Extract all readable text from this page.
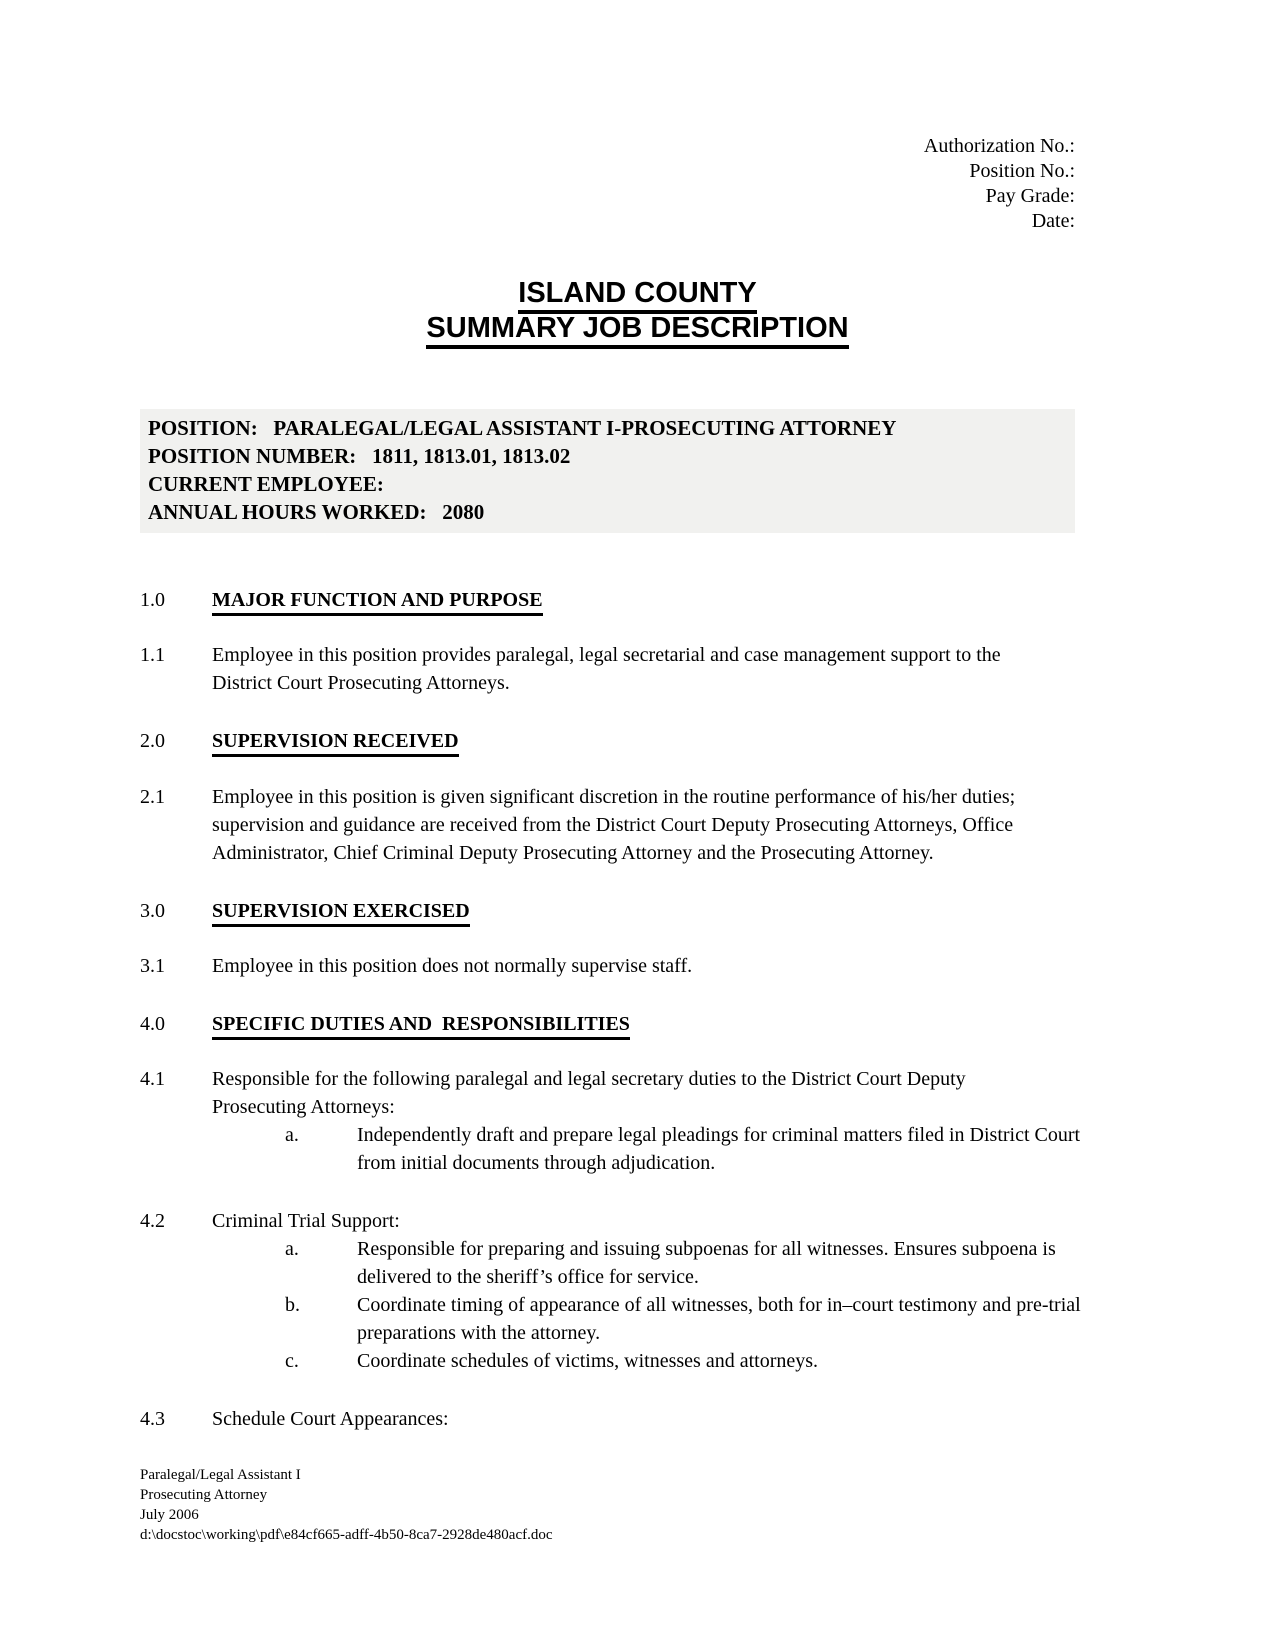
Authorization No.:
Position No.:
Pay Grade:
Date:
ISLAND COUNTY
SUMMARY JOB DESCRIPTION
POSITION:   PARALEGAL/LEGAL ASSISTANT I-PROSECUTING ATTORNEY
POSITION NUMBER:   1811, 1813.01, 1813.02
CURRENT EMPLOYEE:
ANNUAL HOURS WORKED:   2080
1.0	MAJOR FUNCTION AND PURPOSE
1.1	Employee in this position provides paralegal, legal secretarial and case management support to the District Court Prosecuting Attorneys.
2.0	SUPERVISION RECEIVED
2.1	Employee in this position is given significant discretion in the routine performance of his/her duties; supervision and guidance are received from the District Court Deputy Prosecuting Attorneys, Office Administrator, Chief Criminal Deputy Prosecuting Attorney and the Prosecuting Attorney.
3.0	SUPERVISION EXERCISED
3.1	Employee in this position does not normally supervise staff.
4.0	SPECIFIC DUTIES AND  RESPONSIBILITIES
4.1	Responsible for the following paralegal and legal secretary duties to the District Court Deputy Prosecuting Attorneys:
a.	Independently draft and prepare legal pleadings for criminal matters filed in District Court from initial documents through adjudication.
4.2	Criminal Trial Support:
a.	Responsible for preparing and issuing subpoenas for all witnesses. Ensures subpoena is delivered to the sheriff’s office for service.
b.	Coordinate timing of appearance of all witnesses, both for in–court testimony and pre-trial preparations with the attorney.
c.	Coordinate schedules of victims, witnesses and attorneys.
4.3	Schedule Court Appearances:
Paralegal/Legal Assistant I
Prosecuting Attorney
July 2006
d:\docstoc\working\pdf\e84cf665-adff-4b50-8ca7-2928de480acf.doc
